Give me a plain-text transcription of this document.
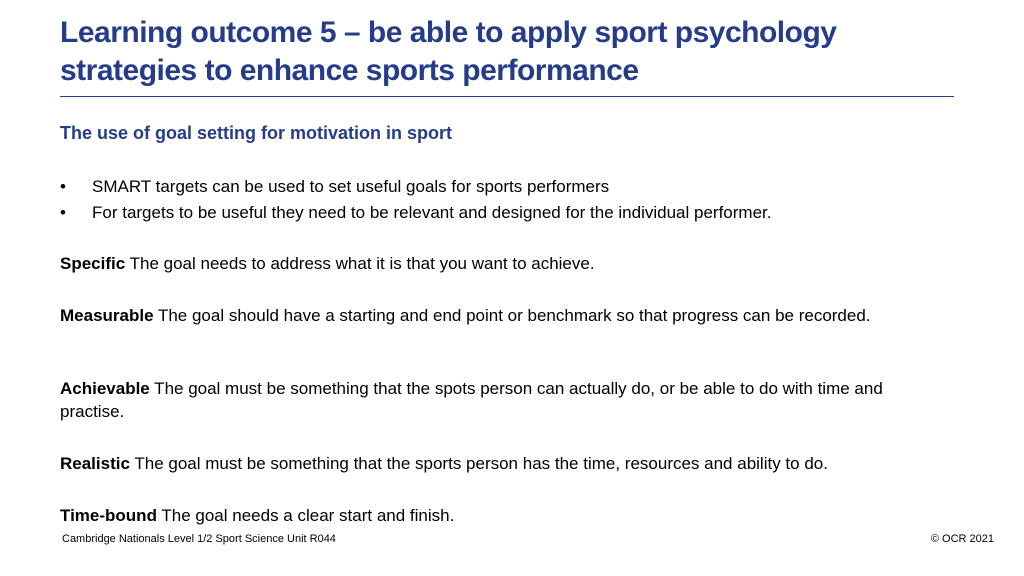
Learning outcome 5 – be able to apply sport psychology strategies to enhance sports performance
The use of goal setting for motivation in sport
• SMART targets can be used to set useful goals for sports performers
• For targets to be useful they need to be relevant and designed for the individual performer.

Specific The goal needs to address what it is that you want to achieve.

Measurable The goal should have a starting and end point or benchmark so that progress can be recorded.

Achievable The goal must be something that the spots person can actually do, or be able to do with time and practise.

Realistic The goal must be something that the sports person has the time, resources and ability to do.

Time-bound The goal needs a clear start and finish.

Cambridge Nationals Level 1/2 Sport Science Unit R044	© OCR 2021
